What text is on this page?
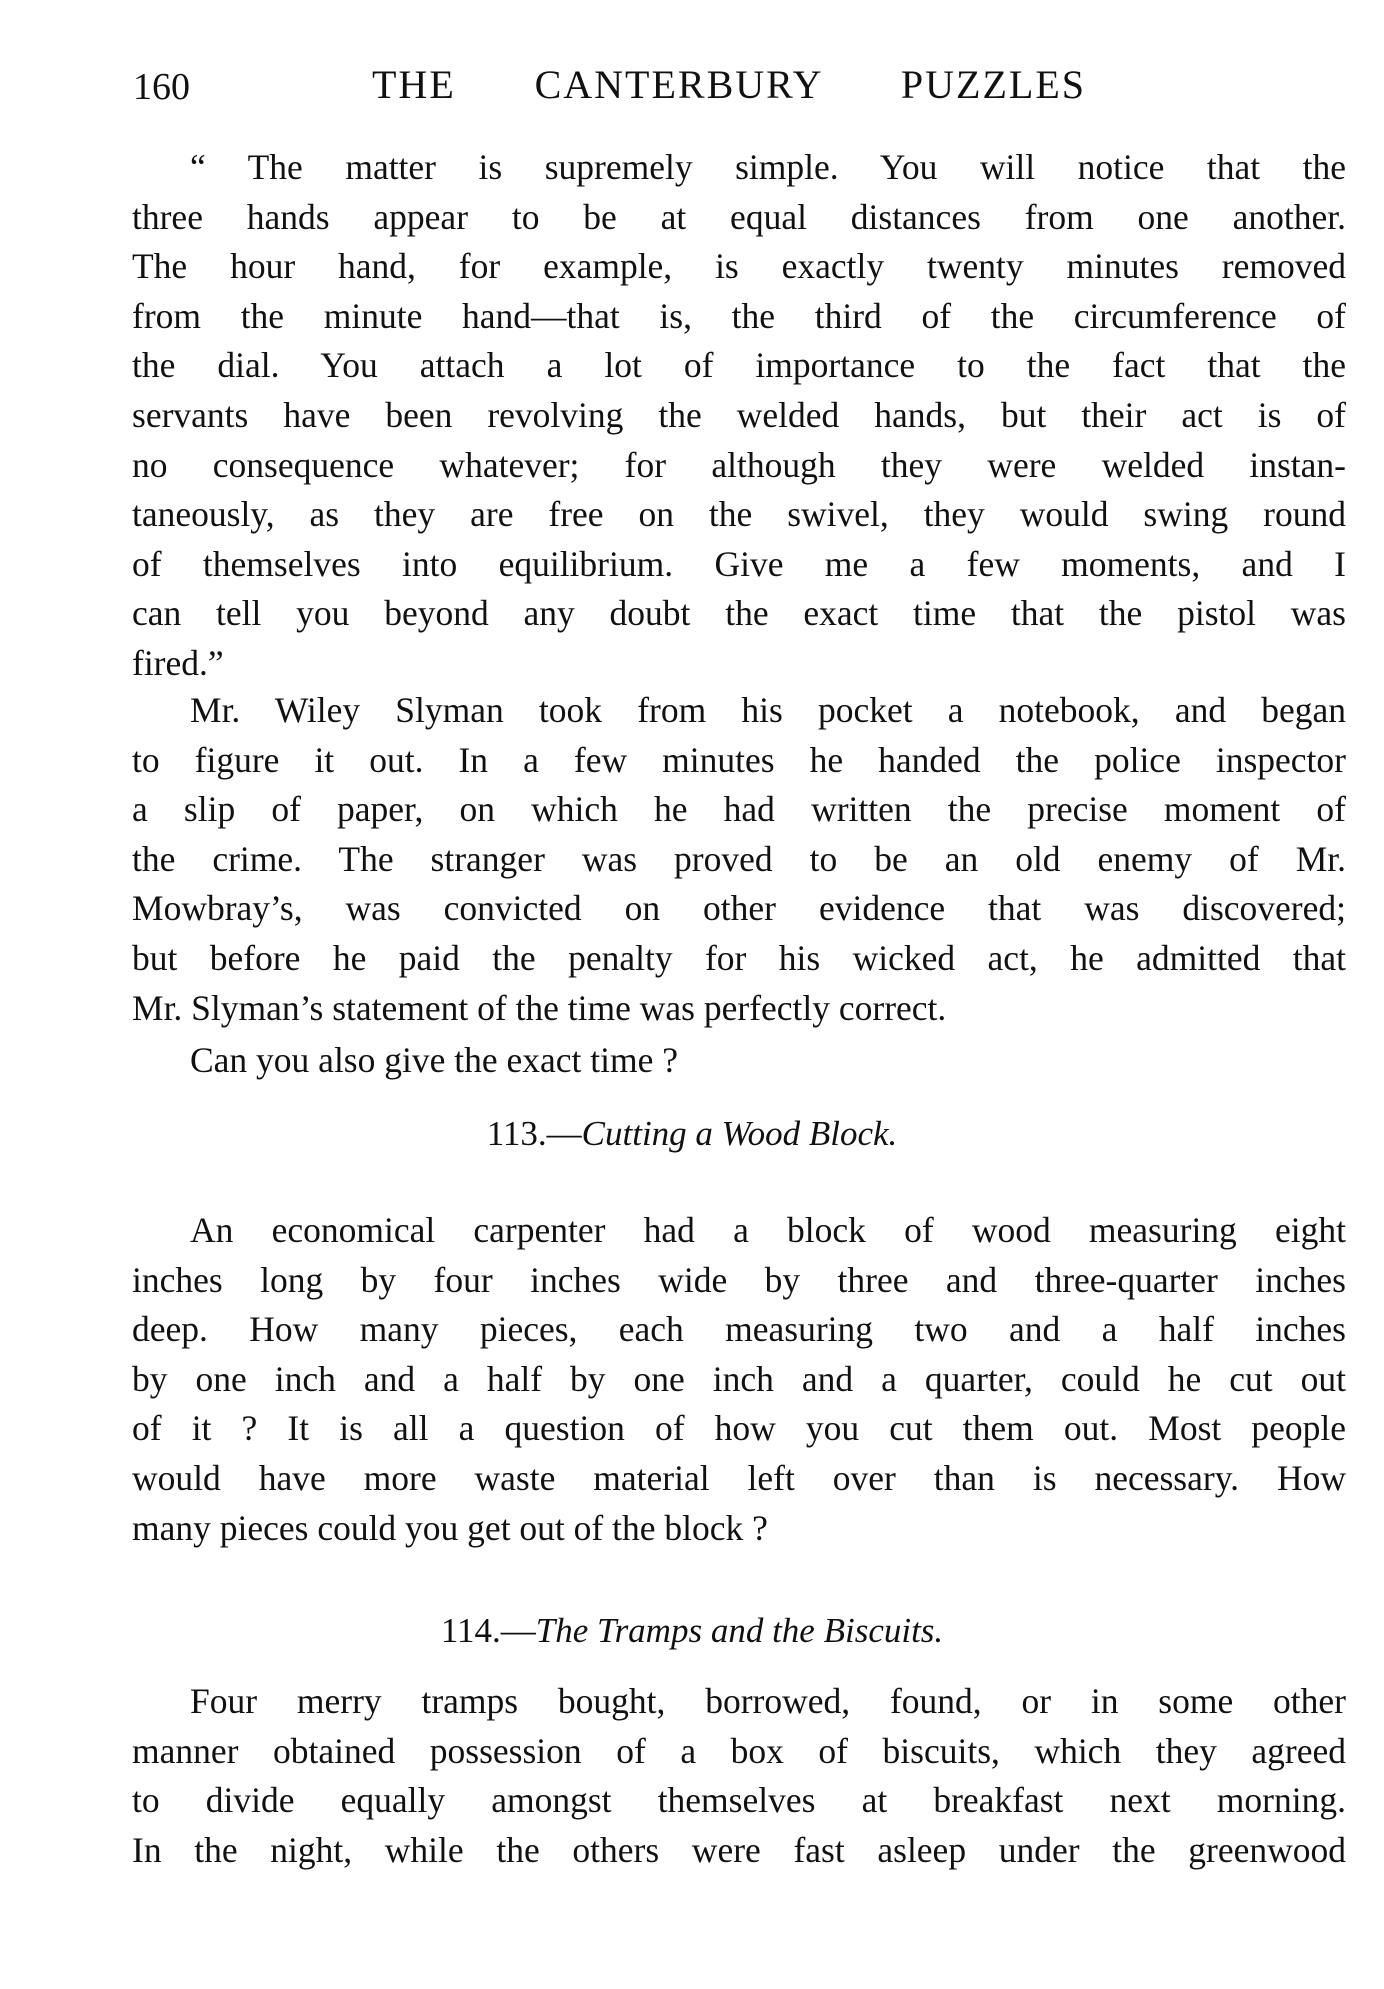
160	THE CANTERBURY PUZZLES
113.—Cutting a Wood Block.
114.—The Tramps and the Biscuits.
“ The matter is supremely simple. You will notice that the
three hands appear to be at equal distances from one another.
The hour hand, for example, is exactly twenty minutes removed
from the minute hand—that is, the third of the circumference of
the dial. You attach a lot of importance to the fact that the
servants have been revolving the welded hands, but their act is of
no consequence whatever; for although they were welded instan-
taneously, as they are free on the swivel, they would swing round
of themselves into equilibrium. Give me a few moments, and I
can tell you beyond any doubt the exact time that the pistol was
fired.”
Mr. Wiley Slyman took from his pocket a notebook, and began
to figure it out. In a few minutes he handed the police inspector
a slip of paper, on which he had written the precise moment of
the crime. The stranger was proved to be an old enemy of Mr.
Mowbray’s, was convicted on other evidence that was discovered;
but before he paid the penalty for his wicked act, he admitted that
Mr. Slyman’s statement of the time was perfectly correct.
Can you also give the exact time ?
An economical carpenter had a block of wood measuring eight
inches long by four inches wide by three and three-quarter inches
deep. How many pieces, each measuring two and a half inches
by one inch and a half by one inch and a quarter, could he cut out
of it ? It is all a question of how you cut them out. Most people
would have more waste material left over than is necessary. How
many pieces could you get out of the block ?
Four merry tramps bought, borrowed, found, or in some other
manner obtained possession of a box of biscuits, which they agreed
to divide equally amongst themselves at breakfast next morning.
In the night, while the others were fast asleep under the greenwood
